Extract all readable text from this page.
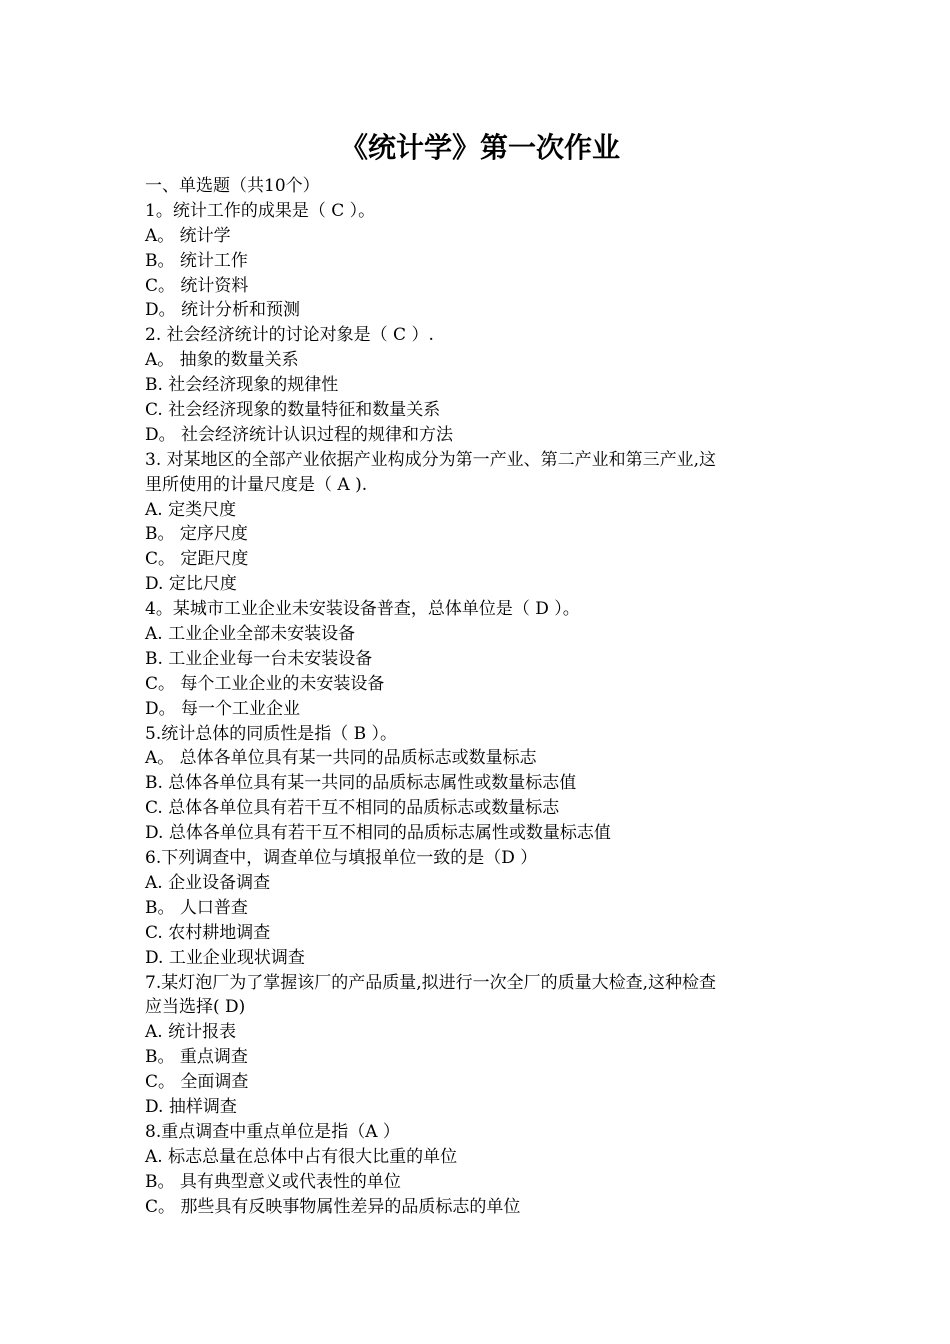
《统计学》第一次作业
一、单选题（共10个）
1。统计工作的成果是（ C ）。
A。 统计学
B。 统计工作
C。 统计资料
D。 统计分析和预测
2. 社会经济统计的讨论对象是（ C ）.
A。 抽象的数量关系
B. 社会经济现象的规律性
C. 社会经济现象的数量特征和数量关系
D。 社会经济统计认识过程的规律和方法
3. 对某地区的全部产业依据产业构成分为第一产业、第二产业和第三产业,这
里所使用的计量尺度是（ A ).
A. 定类尺度
B。 定序尺度
C。 定距尺度
D. 定比尺度
4。某城市工业企业未安装设备普查，总体单位是（ D ）。
A. 工业企业全部未安装设备
B. 工业企业每一台未安装设备
C。 每个工业企业的未安装设备
D。 每一个工业企业
5.统计总体的同质性是指（ B ）。
A。 总体各单位具有某一共同的品质标志或数量标志
B. 总体各单位具有某一共同的品质标志属性或数量标志值
C. 总体各单位具有若干互不相同的品质标志或数量标志
D. 总体各单位具有若干互不相同的品质标志属性或数量标志值
6.下列调查中，调查单位与填报单位一致的是（D ）
A. 企业设备调查
B。 人口普查
C. 农村耕地调查
D. 工业企业现状调查
7.某灯泡厂为了掌握该厂的产品质量,拟进行一次全厂的质量大检查,这种检查
应当选择( D)
A. 统计报表
B。 重点调查
C。 全面调查
D. 抽样调查
8.重点调查中重点单位是指（A ）
A. 标志总量在总体中占有很大比重的单位
B。 具有典型意义或代表性的单位
C。 那些具有反映事物属性差异的品质标志的单位
